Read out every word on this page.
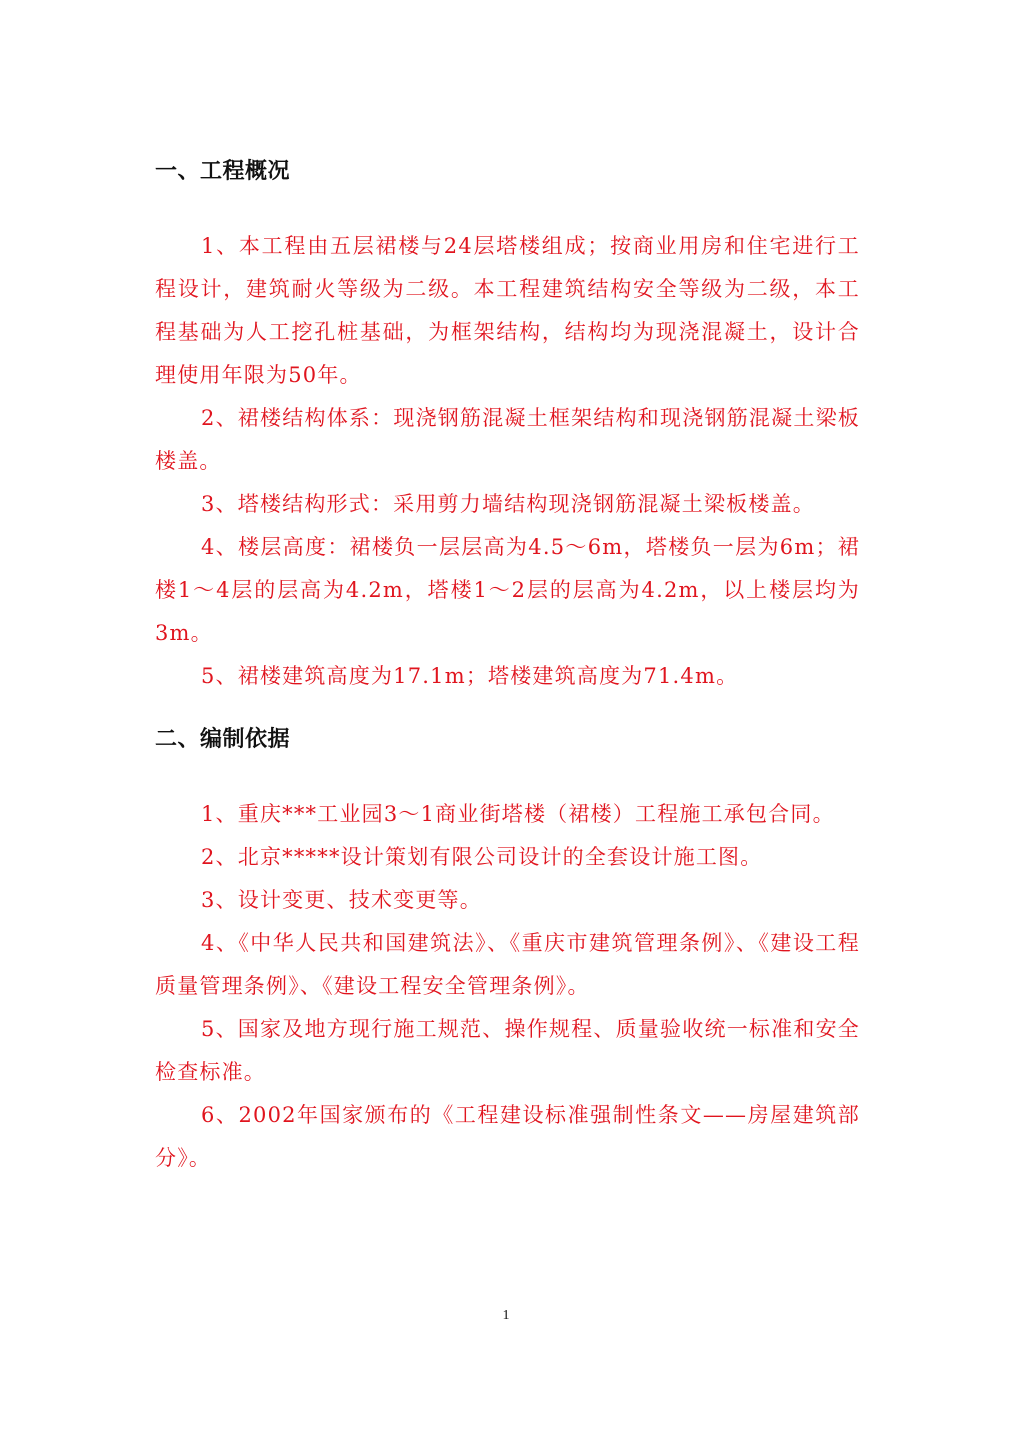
一、工程概况

1、本工程由五层裙楼与24层塔楼组成；按商业用房和住宅进行工程设计，建筑耐火等级为二级。本工程建筑结构安全等级为二级，本工程基础为人工挖孔桩基础，为框架结构，结构均为现浇混凝土，设计合理使用年限为50年。

2、裙楼结构体系：现浇钢筋混凝土框架结构和现浇钢筋混凝土梁板楼盖。

3、塔楼结构形式：采用剪力墙结构现浇钢筋混凝土梁板楼盖。

4、楼层高度：裙楼负一层层高为4.5～6m，塔楼负一层为6m；裙楼1～4层的层高为4.2m，塔楼1～2层的层高为4.2m，以上楼层均为3m。

5、裙楼建筑高度为17.1m；塔楼建筑高度为71.4m。

二、编制依据

1、重庆***工业园3～1商业街塔楼（裙楼）工程施工承包合同。

2、北京*****设计策划有限公司设计的全套设计施工图。

3、设计变更、技术变更等。

4、《中华人民共和国建筑法》、《重庆市建筑管理条例》、《建设工程质量管理条例》、《建设工程安全管理条例》。

5、国家及地方现行施工规范、操作规程、质量验收统一标准和安全检查标准。

6、2002年国家颁布的《工程建设标准强制性条文——房屋建筑部分》。

1
